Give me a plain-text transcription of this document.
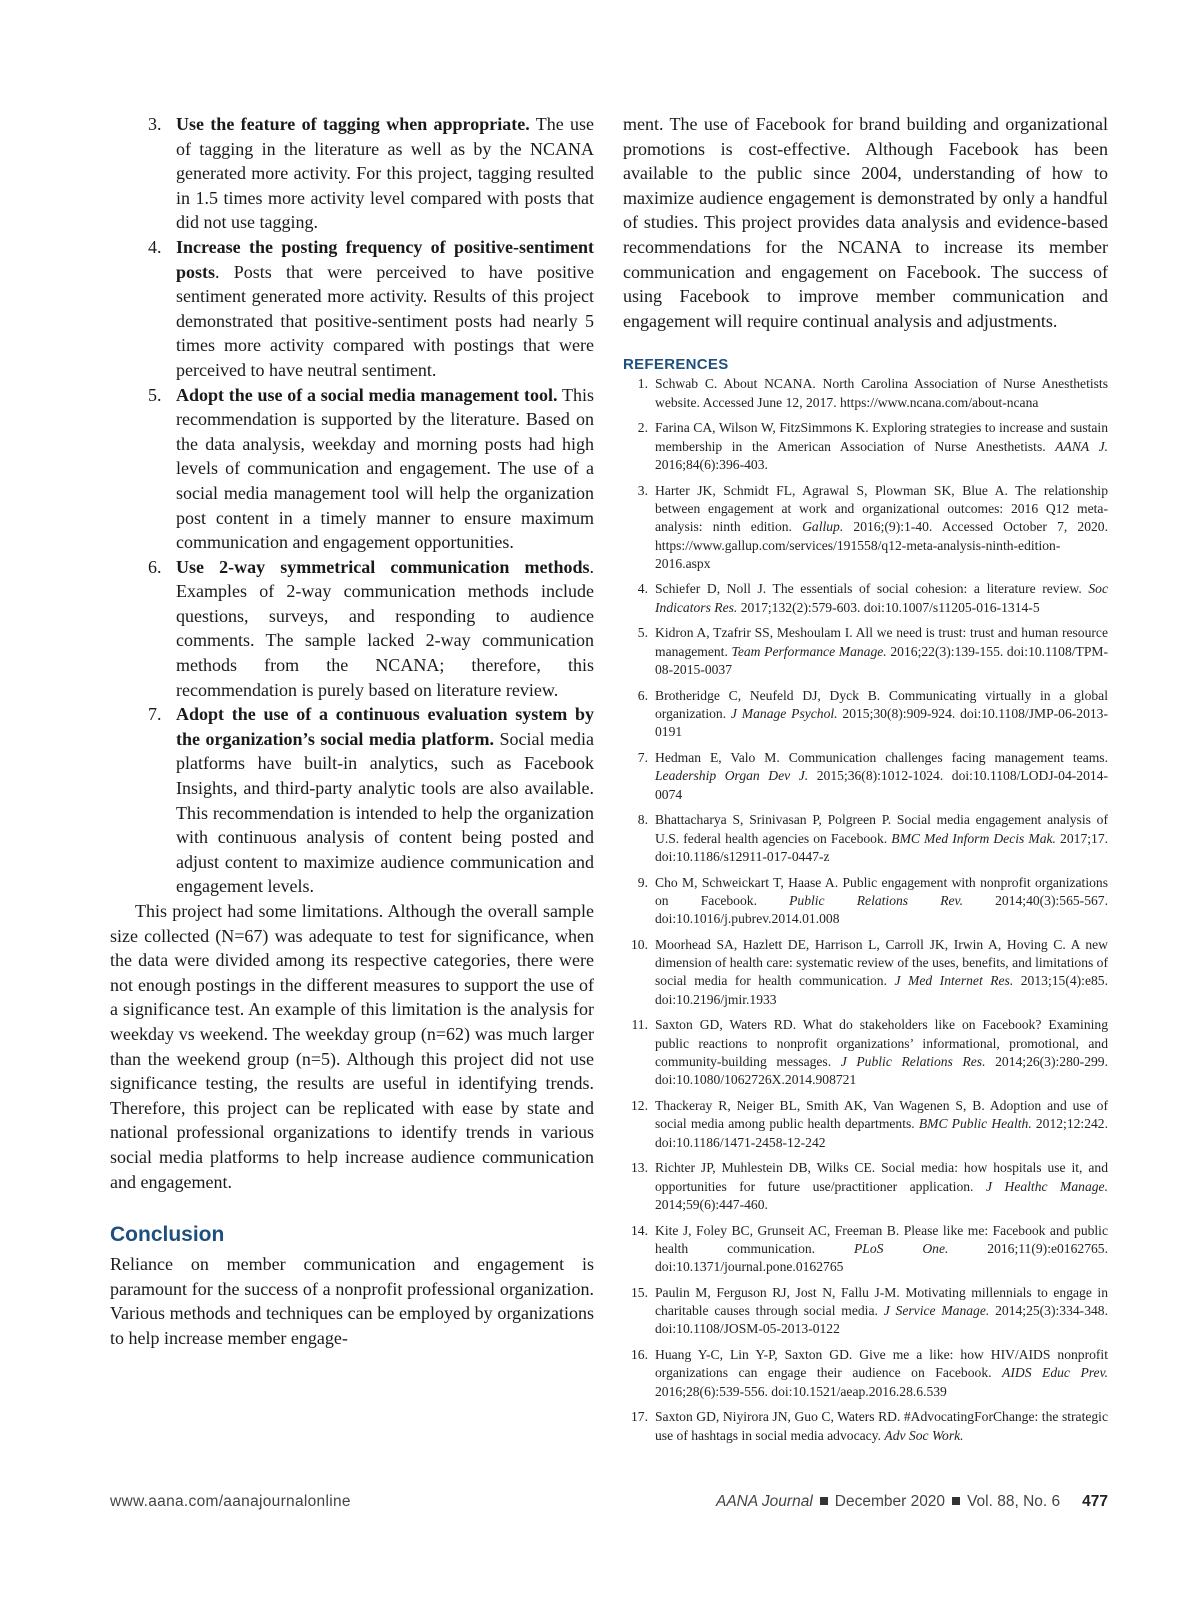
3. Use the feature of tagging when appropriate. The use of tagging in the literature as well as by the NCANA generated more activity. For this project, tagging resulted in 1.5 times more activity level compared with posts that did not use tagging.
4. Increase the posting frequency of positive-sentiment posts. Posts that were perceived to have positive sentiment generated more activity. Results of this project demonstrated that positive-sentiment posts had nearly 5 times more activity compared with postings that were perceived to have neutral sentiment.
5. Adopt the use of a social media management tool. This recommendation is supported by the literature. Based on the data analysis, weekday and morning posts had high levels of communication and engagement. The use of a social media management tool will help the organization post content in a timely manner to ensure maximum communication and engagement opportunities.
6. Use 2-way symmetrical communication methods. Examples of 2-way communication methods include questions, surveys, and responding to audience comments. The sample lacked 2-way communication methods from the NCANA; therefore, this recommendation is purely based on literature review.
7. Adopt the use of a continuous evaluation system by the organization’s social media platform. Social media platforms have built-in analytics, such as Facebook Insights, and third-party analytic tools are also available. This recommendation is intended to help the organization with continuous analysis of content being posted and adjust content to maximize audience communication and engagement levels.

This project had some limitations. Although the overall sample size collected (N=67) was adequate to test for significance, when the data were divided among its respective categories, there were not enough postings in the different measures to support the use of a significance test. An example of this limitation is the analysis for weekday vs weekend. The weekday group (n=62) was much larger than the weekend group (n=5). Although this project did not use significance testing, the results are useful in identifying trends. Therefore, this project can be replicated with ease by state and national professional organizations to identify trends in various social media platforms to help increase audience communication and engagement.

Conclusion

Reliance on member communication and engagement is paramount for the success of a nonprofit professional organization. Various methods and techniques can be employed by organizations to help increase member engage-

ment. The use of Facebook for brand building and organizational promotions is cost-effective. Although Facebook has been available to the public since 2004, understanding of how to maximize audience engagement is demonstrated by only a handful of studies. This project provides data analysis and evidence-based recommendations for the NCANA to increase its member communication and engagement on Facebook. The success of using Facebook to improve member communication and engagement will require continual analysis and adjustments.

REFERENCES
1. Schwab C. About NCANA. North Carolina Association of Nurse Anesthetists website. Accessed June 12, 2017. https://www.ncana.com/about-ncana
2. Farina CA, Wilson W, FitzSimmons K. Exploring strategies to increase and sustain membership in the American Association of Nurse Anesthetists. AANA J. 2016;84(6):396-403.
3. Harter JK, Schmidt FL, Agrawal S, Plowman SK, Blue A. The relationship between engagement at work and organizational outcomes: 2016 Q12 meta-analysis: ninth edition. Gallup. 2016;(9):1-40. Accessed October 7, 2020. https://www.gallup.com/services/191558/q12-meta-analysis-ninth-edition-2016.aspx
4. Schiefer D, Noll J. The essentials of social cohesion: a literature review. Soc Indicators Res. 2017;132(2):579-603. doi:10.1007/s11205-016-1314-5
5. Kidron A, Tzafrir SS, Meshoulam I. All we need is trust: trust and human resource management. Team Performance Manage. 2016;22(3):139-155. doi:10.1108/TPM-08-2015-0037
6. Brotheridge C, Neufeld DJ, Dyck B. Communicating virtually in a global organization. J Manage Psychol. 2015;30(8):909-924. doi:10.1108/JMP-06-2013-0191
7. Hedman E, Valo M. Communication challenges facing management teams. Leadership Organ Dev J. 2015;36(8):1012-1024. doi:10.1108/LODJ-04-2014-0074
8. Bhattacharya S, Srinivasan P, Polgreen P. Social media engagement analysis of U.S. federal health agencies on Facebook. BMC Med Inform Decis Mak. 2017;17. doi:10.1186/s12911-017-0447-z
9. Cho M, Schweickart T, Haase A. Public engagement with nonprofit organizations on Facebook. Public Relations Rev. 2014;40(3):565-567. doi:10.1016/j.pubrev.2014.01.008
10. Moorhead SA, Hazlett DE, Harrison L, Carroll JK, Irwin A, Hoving C. A new dimension of health care: systematic review of the uses, benefits, and limitations of social media for health communication. J Med Internet Res. 2013;15(4):e85. doi:10.2196/jmir.1933
11. Saxton GD, Waters RD. What do stakeholders like on Facebook? Examining public reactions to nonprofit organizations’ informational, promotional, and community-building messages. J Public Relations Res. 2014;26(3):280-299. doi:10.1080/1062726X.2014.908721
12. Thackeray R, Neiger BL, Smith AK, Van Wagenen S, B. Adoption and use of social media among public health departments. BMC Public Health. 2012;12:242. doi:10.1186/1471-2458-12-242
13. Richter JP, Muhlestein DB, Wilks CE. Social media: how hospitals use it, and opportunities for future use/practitioner application. J Healthc Manage. 2014;59(6):447-460.
14. Kite J, Foley BC, Grunseit AC, Freeman B. Please like me: Facebook and public health communication. PLoS One. 2016;11(9):e0162765. doi:10.1371/journal.pone.0162765
15. Paulin M, Ferguson RJ, Jost N, Fallu J-M. Motivating millennials to engage in charitable causes through social media. J Service Manage. 2014;25(3):334-348. doi:10.1108/JOSM-05-2013-0122
16. Huang Y-C, Lin Y-P, Saxton GD. Give me a like: how HIV/AIDS nonprofit organizations can engage their audience on Facebook. AIDS Educ Prev. 2016;28(6):539-556. doi:10.1521/aeap.2016.28.6.539
17. Saxton GD, Niyirora JN, Guo C, Waters RD. #AdvocatingForChange: the strategic use of hashtags in social media advocacy. Adv Soc Work.
www.aana.com/aanajournalonline	AANA Journal December 2020 Vol. 88, No. 6 477
